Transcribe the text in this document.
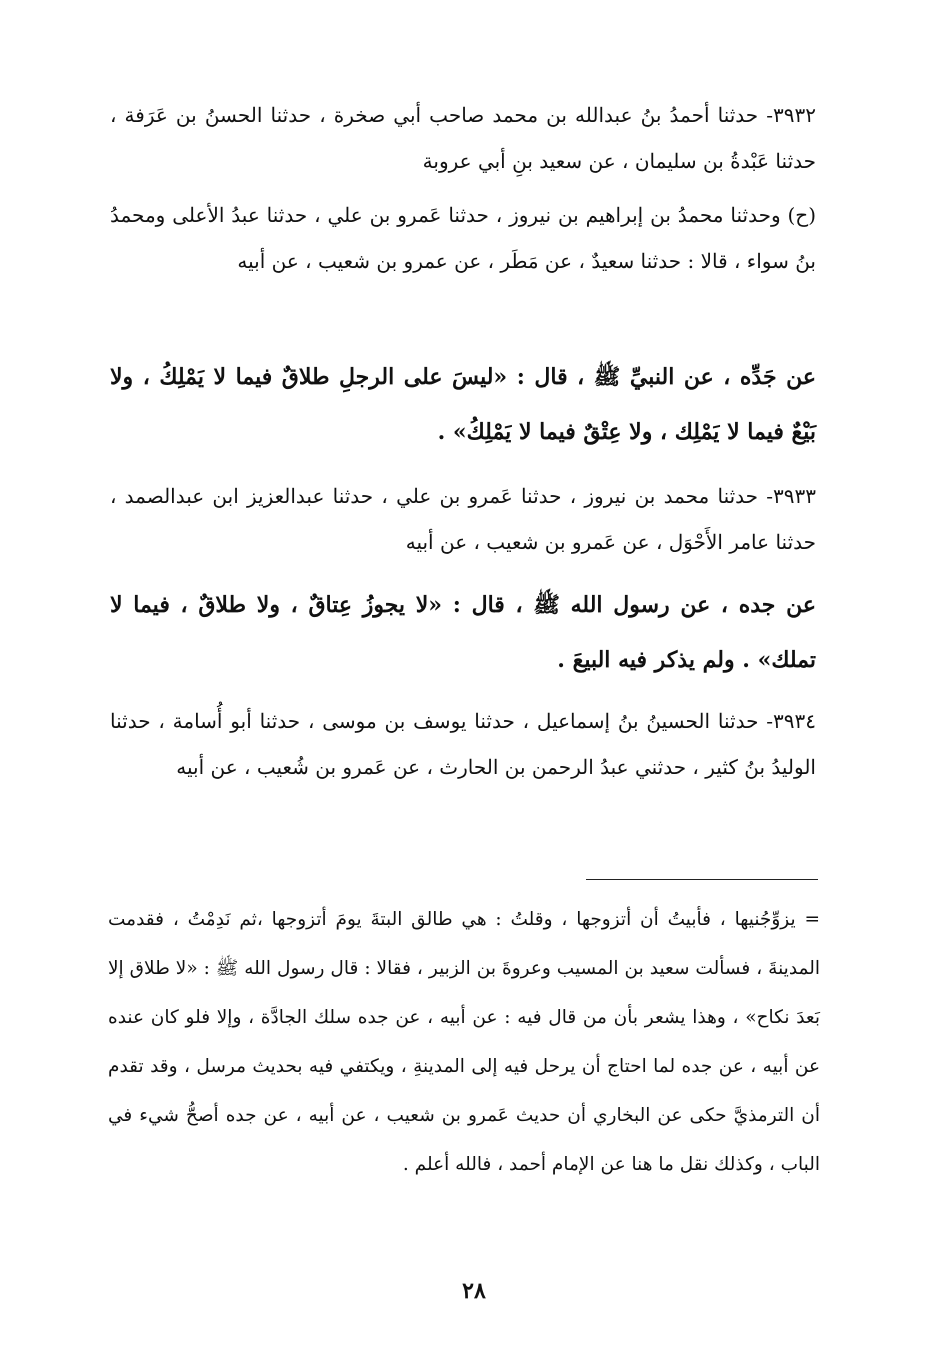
٣٩٣٢- حدثنا أحمدُ بنُ عبدالله بن محمد صاحب أبي صخرة ، حدثنا الحسنُ بن عَرَفة ، حدثنا عَبْدةُ بن سليمان ، عن سعيد بنِ أبي عروبة

(ح) وحدثنا محمدُ بن إبراهيم بن نيروز ، حدثنا عَمرو بن علي ، حدثنا عبدُ الأعلى ومحمدُ بنُ سواء ، قالا : حدثنا سعيدٌ ، عن مَطَر ، عن عمرو بن شعيب ، عن أبيه

عن جَدِّه ، عن النبيِّ ﷺ ، قال : «ليسَ على الرجلِ طلاقٌ فيما لا يَمْلِكُ ، ولا بَيْعٌ فيما لا يَمْلِك ، ولا عِتْقٌ فيما لا يَمْلِكُ» .

٣٩٣٣- حدثنا محمد بن نيروز ، حدثنا عَمرو بن علي ، حدثنا عبدالعزيز ابن عبدالصمد ، حدثنا عامر الأَحْوَل ، عن عَمرو بن شعيب ، عن أبيه

عن جده ، عن رسول الله ﷺ ، قال : «لا يجوزُ عِتاقٌ ، ولا طلاقٌ ، فيما لا تملك» . ولم يذكر فيه البيعَ .

٣٩٣٤- حدثنا الحسينُ بنُ إسماعيل ، حدثنا يوسف بن موسى ، حدثنا أبو أُسامة ، حدثنا الوليدُ بنُ كثير ، حدثني عبدُ الرحمن بن الحارث ، عن عَمرو بن شُعيب ، عن أبيه

= يزوِّجُنيها ، فأبيتُ أن أتزوجها ، وقلتُ : هي طالق البتةَ يومَ أتزوجها ،ثم نَدِمْتُ ، فقدمت المدينةَ ، فسألت سعيد بن المسيب وعروةَ بن الزبير ، فقالا : قال رسول الله ﷺ : «لا طلاق إلا بَعدَ نكاح» ، وهذا يشعر بأن من قال فيه : عن أبيه ، عن جده سلك الجادَّة ، وإلا فلو كان عنده عن أبيه ، عن جده لما احتاج أن يرحل فيه إلى المدينةِ ، ويكتفي فيه بحديث مرسل ، وقد تقدم أن الترمذيَّ حكى عن البخاري أن حديث عَمرو بن شعيب ، عن أبيه ، عن جده أصحُّ شيء في الباب ، وكذلك نقل ما هنا عن الإمام أحمد ، فالله أعلم .

٢٨
